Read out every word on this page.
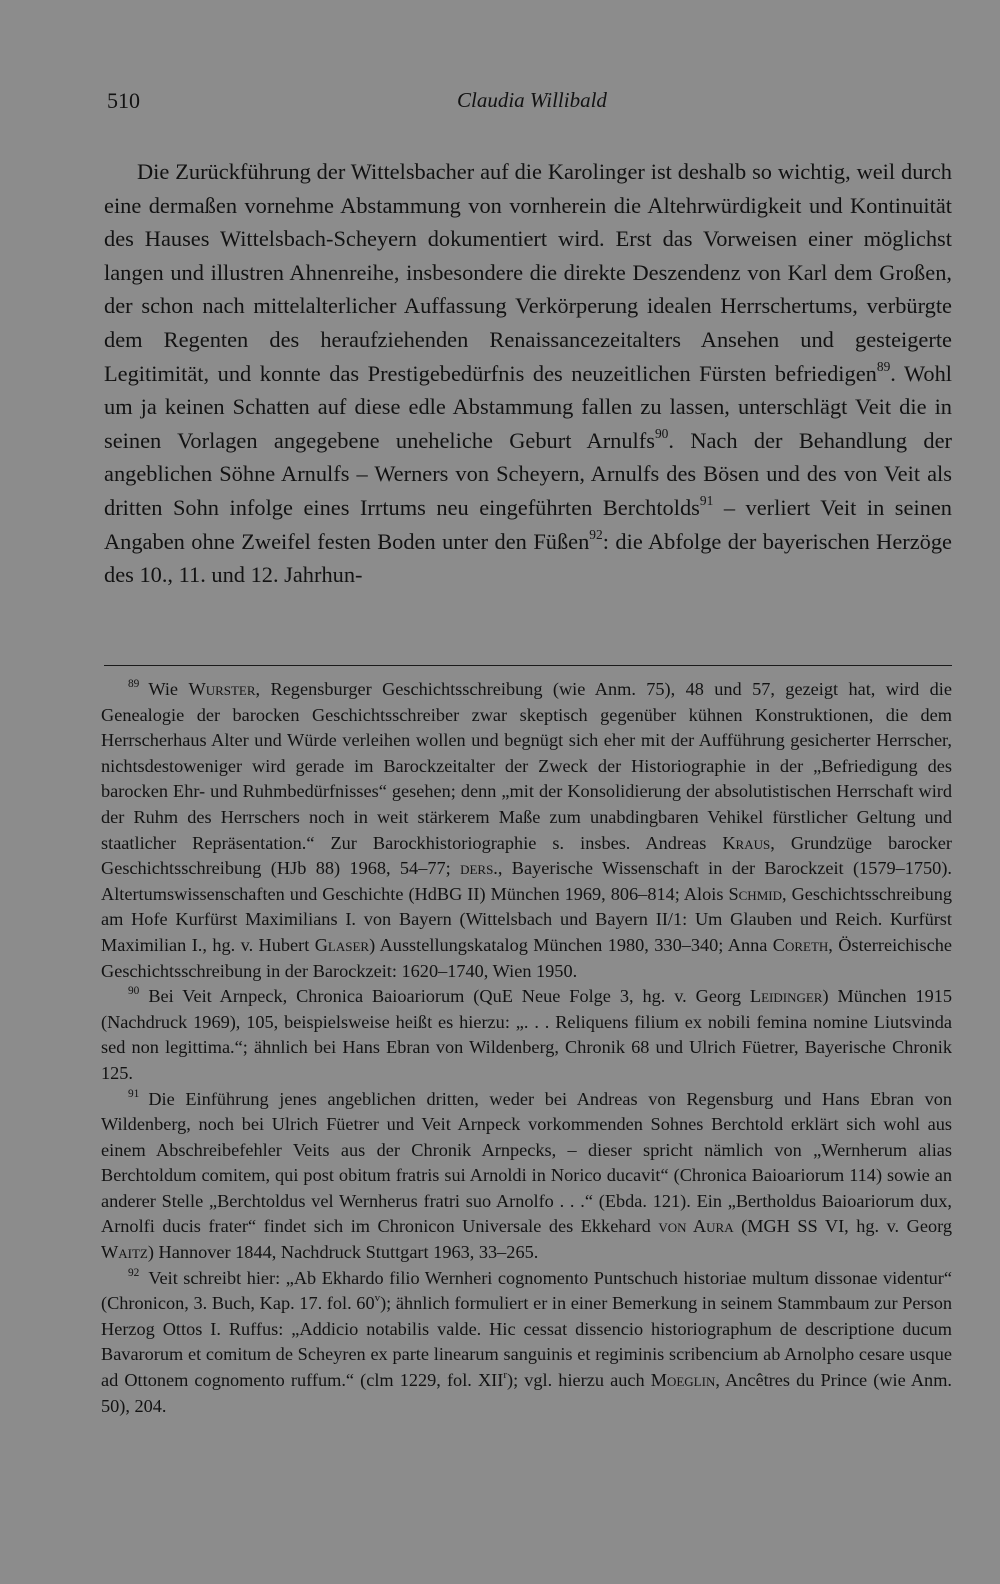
510	Claudia Willibald

Die Zurückführung der Wittelsbacher auf die Karolinger ist deshalb so wichtig, weil durch eine dermaßen vornehme Abstammung von vornherein die Altehrwürdigkeit und Kontinuität des Hauses Wittelsbach-Scheyern dokumentiert wird. Erst das Vorweisen einer möglichst langen und illustren Ahnenreihe, insbesondere die direkte Deszendenz von Karl dem Großen, der schon nach mittelalterlicher Auffassung Verkörperung idealen Herrschertums, verbürgte dem Regenten des heraufziehenden Renaissancezeitalters Ansehen und gesteigerte Legitimität, und konnte das Prestigebedürfnis des neuzeitlichen Fürsten befriedigen$^{89}$. Wohl um ja keinen Schatten auf diese edle Abstammung fallen zu lassen, unterschlägt Veit die in seinen Vorlagen angegebene uneheliche Geburt Arnulfs$^{90}$. Nach der Behandlung der angeblichen Söhne Arnulfs – Werners von Scheyern, Arnulfs des Bösen und des von Veit als dritten Sohn infolge eines Irrtums neu eingeführten Berchtolds$^{91}$ – verliert Veit in seinen Angaben ohne Zweifel festen Boden unter den Füßen$^{92}$: die Abfolge der bayerischen Herzöge des 10., 11. und 12. Jahrhun-

$^{89}$ Wie Wurster, Regensburger Geschichtsschreibung (wie Anm. 75), 48 und 57, gezeigt hat, wird die Genealogie der barocken Geschichtsschreiber zwar skeptisch gegenüber kühnen Konstruktionen, die dem Herrscherhaus Alter und Würde verleihen wollen und begnügt sich eher mit der Aufführung gesicherter Herrscher, nichtsdestoweniger wird gerade im Barockzeitalter der Zweck der Historiographie in der „Befriedigung des barocken Ehr- und Ruhmbedürfnisses“ gesehen; denn „mit der Konsolidierung der absolutistischen Herrschaft wird der Ruhm des Herrschers noch in weit stärkerem Maße zum unabdingbaren Vehikel fürstlicher Geltung und staatlicher Repräsentation.“ Zur Barockhistoriographie s. insbes. Andreas Kraus, Grundzüge barocker Geschichtsschreibung (HJb 88) 1968, 54–77; ders., Bayerische Wissenschaft in der Barockzeit (1579–1750). Altertumswissenschaften und Geschichte (HdBG II) München 1969, 806–814; Alois Schmid, Geschichtsschreibung am Hofe Kurfürst Maximilians I. von Bayern (Wittelsbach und Bayern II/1: Um Glauben und Reich. Kurfürst Maximilian I., hg. v. Hubert Glaser) Ausstellungskatalog München 1980, 330–340; Anna Coreth, Österreichische Geschichtsschreibung in der Barockzeit: 1620–1740, Wien 1950.

$^{90}$ Bei Veit Arnpeck, Chronica Baioariorum (QuE Neue Folge 3, hg. v. Georg Leidinger) München 1915 (Nachdruck 1969), 105, beispielsweise heißt es hierzu: „. . . Reliquens filium ex nobili femina nomine Liutsvinda sed non legittima.“; ähnlich bei Hans Ebran von Wildenberg, Chronik 68 und Ulrich Füetrer, Bayerische Chronik 125.

$^{91}$ Die Einführung jenes angeblichen dritten, weder bei Andreas von Regensburg und Hans Ebran von Wildenberg, noch bei Ulrich Füetrer und Veit Arnpeck vorkommenden Sohnes Berchtold erklärt sich wohl aus einem Abschreibefehler Veits aus der Chronik Arnpecks, – dieser spricht nämlich von „Wernherum alias Berchtoldum comitem, qui post obitum fratris sui Arnoldi in Norico ducavit“ (Chronica Baioariorum 114) sowie an anderer Stelle „Berchtoldus vel Wernherus fratri suo Arnolfo . . .“ (Ebda. 121). Ein „Bertholdus Baioariorum dux, Arnolfi ducis frater“ findet sich im Chronicon Universale des Ekkehard von Aura (MGH SS VI, hg. v. Georg Waitz) Hannover 1844, Nachdruck Stuttgart 1963, 33–265.

$^{92}$ Veit schreibt hier: „Ab Ekhardo filio Wernheri cognomento Puntschuch historiae multum dissonae videntur“ (Chronicon, 3. Buch, Kap. 17. fol. 60$^v$); ähnlich formuliert er in einer Bemerkung in seinem Stammbaum zur Person Herzog Ottos I. Ruffus: „Addicio notabilis valde. Hic cessat dissencio historiographum de descriptione ducum Bavarorum et comitum de Scheyren ex parte linearum sanguinis et regiminis scribencium ab Arnolpho cesare usque ad Ottonem cognomento ruffum.“ (clm 1229, fol. XII$^r$); vgl. hierzu auch Moeglin, Ancêtres du Prince (wie Anm. 50), 204.
